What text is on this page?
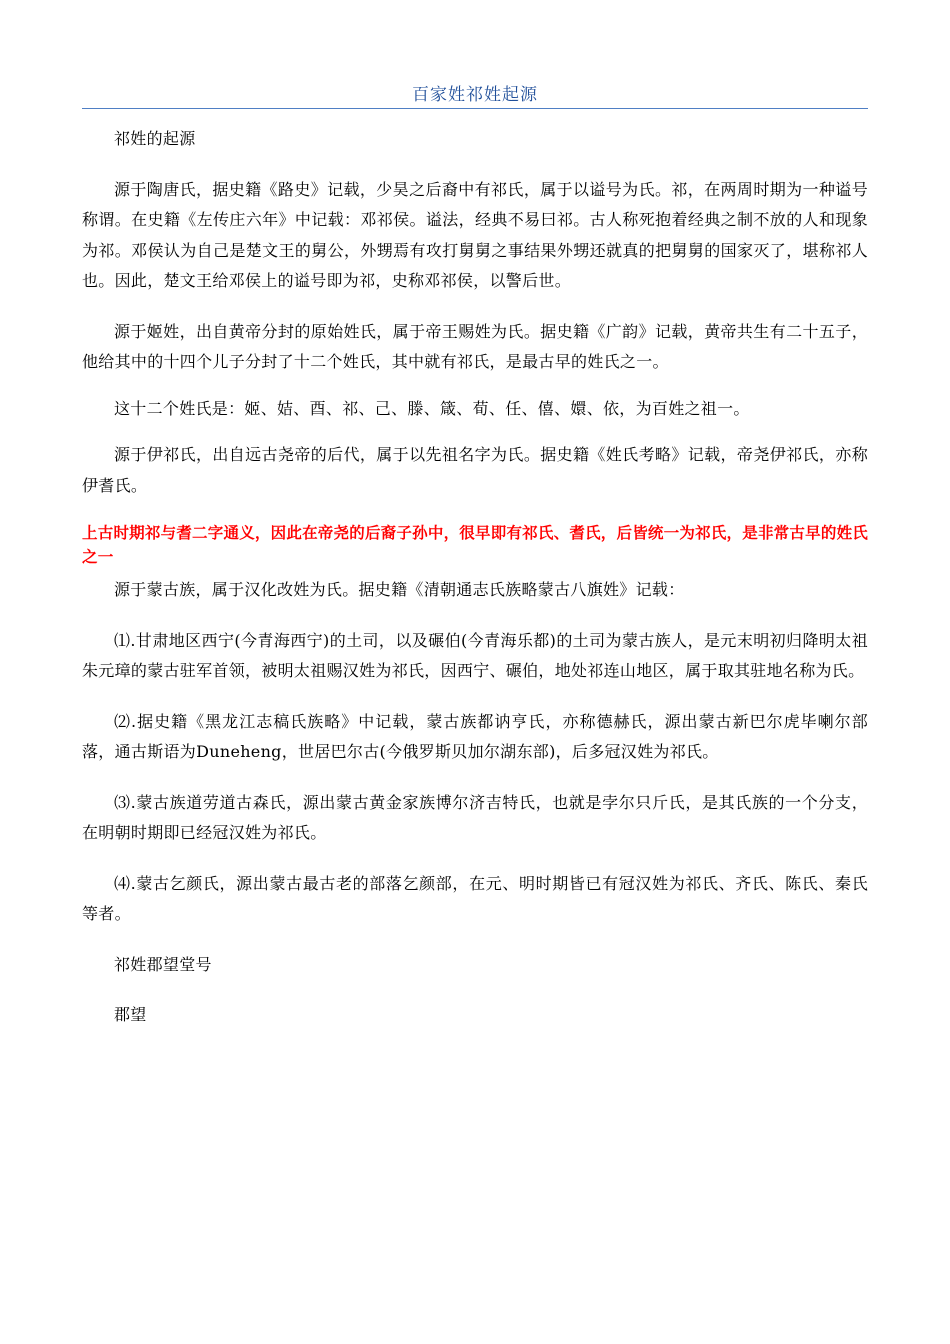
百家姓祁姓起源

祁姓的起源

源于陶唐氏，据史籍《路史》记载，少昊之后裔中有祁氏，属于以谥号为氏。祁，在两周时期为一种谥号称谓。在史籍《左传庄六年》中记载：邓祁侯。谥法，经典不易曰祁。古人称死抱着经典之制不放的人和现象为祁。邓侯认为自己是楚文王的舅公，外甥焉有攻打舅舅之事结果外甥还就真的把舅舅的国家灭了，堪称祁人也。因此，楚文王给邓侯上的谥号即为祁，史称邓祁侯，以警后世。

源于姬姓，出自黄帝分封的原始姓氏，属于帝王赐姓为氏。据史籍《广韵》记载，黄帝共生有二十五子，他给其中的十四个儿子分封了十二个姓氏，其中就有祁氏，是最古早的姓氏之一。

这十二个姓氏是：姬、姞、酉、祁、己、滕、箴、荀、任、僖、嬛、依，为百姓之祖一。

源于伊祁氏，出自远古尧帝的后代，属于以先祖名字为氏。据史籍《姓氏考略》记载，帝尧伊祁氏，亦称伊耆氏。

上古时期祁与耆二字通义，因此在帝尧的后裔子孙中，很早即有祁氏、耆氏，后皆统一为祁氏，是非常古早的姓氏之一

源于蒙古族，属于汉化改姓为氏。据史籍《清朝通志氏族略蒙古八旗姓》记载：

⑴.甘肃地区西宁(今青海西宁)的土司，以及碾伯(今青海乐都)的土司为蒙古族人，是元末明初归降明太祖朱元璋的蒙古驻军首领，被明太祖赐汉姓为祁氏，因西宁、碾伯，地处祁连山地区，属于取其驻地名称为氏。

⑵.据史籍《黑龙江志稿氏族略》中记载，蒙古族都讷亨氏，亦称德赫氏，源出蒙古新巴尔虎毕喇尔部落，通古斯语为Duneheng，世居巴尔古(今俄罗斯贝加尔湖东部)，后多冠汉姓为祁氏。

⑶.蒙古族道劳道古森氏，源出蒙古黄金家族博尔济吉特氏，也就是孛尔只斤氏，是其氏族的一个分支，在明朝时期即已经冠汉姓为祁氏。

⑷.蒙古乞颜氏，源出蒙古最古老的部落乞颜部，在元、明时期皆已有冠汉姓为祁氏、齐氏、陈氏、秦氏等者。

祁姓郡望堂号

郡望
